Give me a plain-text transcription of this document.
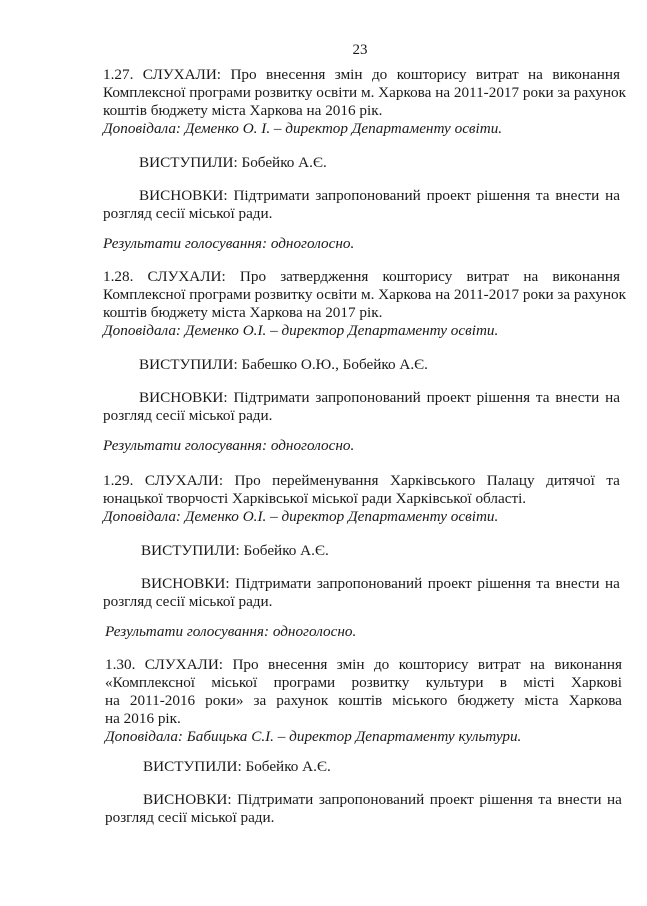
23
1.27. СЛУХАЛИ: Про внесення змін до кошторису витрат на виконання
Комплексної програми розвитку освіти м. Харкова на 2011-2017 роки за рахунок
коштів бюджету міста Харкова на 2016 рік.
Доповідала: Деменко О. І. – директор Департаменту освіти.
ВИСТУПИЛИ: Бобейко А.Є.
ВИСНОВКИ: Підтримати запропонований проект рішення та внести на
розгляд сесії міської ради.
Результати голосування: одноголосно.
1.28. СЛУХАЛИ: Про затвердження кошторису витрат на виконання
Комплексної програми розвитку освіти м. Харкова на 2011-2017 роки за рахунок
коштів бюджету міста Харкова на 2017 рік.
Доповідала: Деменко О.І. – директор Департаменту освіти.
ВИСТУПИЛИ: Бабешко О.Ю., Бобейко А.Є.
ВИСНОВКИ: Підтримати запропонований проект рішення та внести на
розгляд сесії міської ради.
Результати голосування: одноголосно.
1.29. СЛУХАЛИ: Про перейменування Харківського Палацу дитячої та
юнацької творчості Харківської міської ради Харківської області.
Доповідала: Деменко О.І. – директор Департаменту освіти.
ВИСТУПИЛИ: Бобейко А.Є.
ВИСНОВКИ: Підтримати запропонований проект рішення та внести на
розгляд сесії міської ради.
Результати голосування: одноголосно.
1.30. СЛУХАЛИ: Про внесення змін до кошторису витрат на виконання
«Комплексної міської програми розвитку культури в місті Харкові
на 2011-2016 роки» за рахунок коштів міського бюджету міста Харкова
на 2016 рік.
Доповідала: Бабицька С.І. – директор Департаменту культури.
ВИСТУПИЛИ: Бобейко А.Є.
ВИСНОВКИ: Підтримати запропонований проект рішення та внести на
розгляд сесії міської ради.
